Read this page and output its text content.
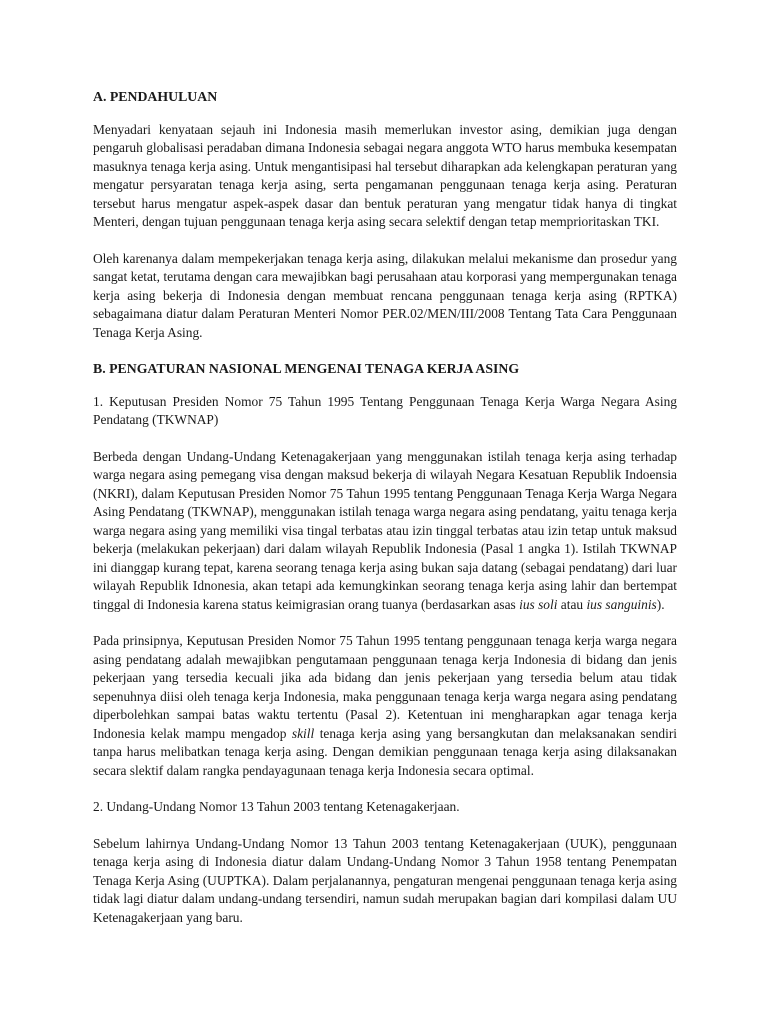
A. PENDAHULUAN

Menyadari kenyataan sejauh ini Indonesia masih memerlukan investor asing, demikian juga dengan pengaruh globalisasi peradaban dimana Indonesia sebagai negara anggota WTO harus membuka kesempatan masuknya tenaga kerja asing. Untuk mengantisipasi hal tersebut diharapkan ada kelengkapan peraturan yang mengatur persyaratan tenaga kerja asing, serta pengamanan penggunaan tenaga kerja asing. Peraturan tersebut harus mengatur aspek-aspek dasar dan bentuk peraturan yang mengatur tidak hanya di tingkat Menteri, dengan tujuan penggunaan tenaga kerja asing secara selektif dengan tetap memprioritaskan TKI.

Oleh karenanya dalam mempekerjakan tenaga kerja asing, dilakukan melalui mekanisme dan prosedur yang sangat ketat, terutama dengan cara mewajibkan bagi perusahaan atau korporasi yang mempergunakan tenaga kerja asing bekerja di Indonesia dengan membuat rencana penggunaan tenaga kerja asing (RPTKA) sebagaimana diatur dalam Peraturan Menteri Nomor PER.02/MEN/III/2008 Tentang Tata Cara Penggunaan Tenaga Kerja Asing.

B. PENGATURAN NASIONAL MENGENAI TENAGA KERJA ASING
1. Keputusan Presiden Nomor 75 Tahun 1995 Tentang Penggunaan Tenaga Kerja Warga Negara Asing Pendatang (TKWNAP)

Berbeda dengan Undang-Undang Ketenagakerjaan yang menggunakan istilah tenaga kerja asing terhadap warga negara asing pemegang visa dengan maksud bekerja di wilayah Negara Kesatuan Republik Indoensia (NKRI), dalam Keputusan Presiden Nomor 75 Tahun 1995 tentang Penggunaan Tenaga Kerja Warga Negara Asing Pendatang (TKWNAP), menggunakan istilah tenaga warga negara asing pendatang, yaitu tenaga kerja warga negara asing yang memiliki visa tingal terbatas atau izin tinggal terbatas atau izin tetap untuk maksud bekerja (melakukan pekerjaan) dari dalam wilayah Republik Indonesia (Pasal 1 angka 1). Istilah TKWNAP ini dianggap kurang tepat, karena seorang tenaga kerja asing bukan saja datang (sebagai pendatang) dari luar wilayah Republik Idnonesia, akan tetapi ada kemungkinkan seorang tenaga kerja asing lahir dan bertempat tinggal di Indonesia karena status keimigrasian orang tuanya (berdasarkan asas ius soli atau ius sanguinis).

Pada prinsipnya, Keputusan Presiden Nomor 75 Tahun 1995 tentang penggunaan tenaga kerja warga negara asing pendatang adalah mewajibkan pengutamaan penggunaan tenaga kerja Indonesia di bidang dan jenis pekerjaan yang tersedia kecuali jika ada bidang dan jenis pekerjaan yang tersedia belum atau tidak sepenuhnya diisi oleh tenaga kerja Indonesia, maka penggunaan tenaga kerja warga negara asing pendatang diperbolehkan sampai batas waktu tertentu (Pasal 2). Ketentuan ini mengharapkan agar tenaga kerja Indonesia kelak mampu mengadop skill tenaga kerja asing yang bersangkutan dan melaksanakan sendiri tanpa harus melibatkan tenaga kerja asing. Dengan demikian penggunaan tenaga kerja asing dilaksanakan secara slektif dalam rangka pendayagunaan tenaga kerja Indonesia secara optimal.

2. Undang-Undang Nomor 13 Tahun 2003 tentang Ketenagakerjaan.

Sebelum lahirnya Undang-Undang Nomor 13 Tahun 2003 tentang Ketenagakerjaan (UUK), penggunaan tenaga kerja asing di Indonesia diatur dalam Undang-Undang Nomor 3 Tahun 1958 tentang Penempatan Tenaga Kerja Asing (UUPTKA). Dalam perjalanannya, pengaturan mengenai penggunaan tenaga kerja asing tidak lagi diatur dalam undang-undang tersendiri, namun sudah merupakan bagian dari kompilasi dalam UU Ketenagakerjaan yang baru.
